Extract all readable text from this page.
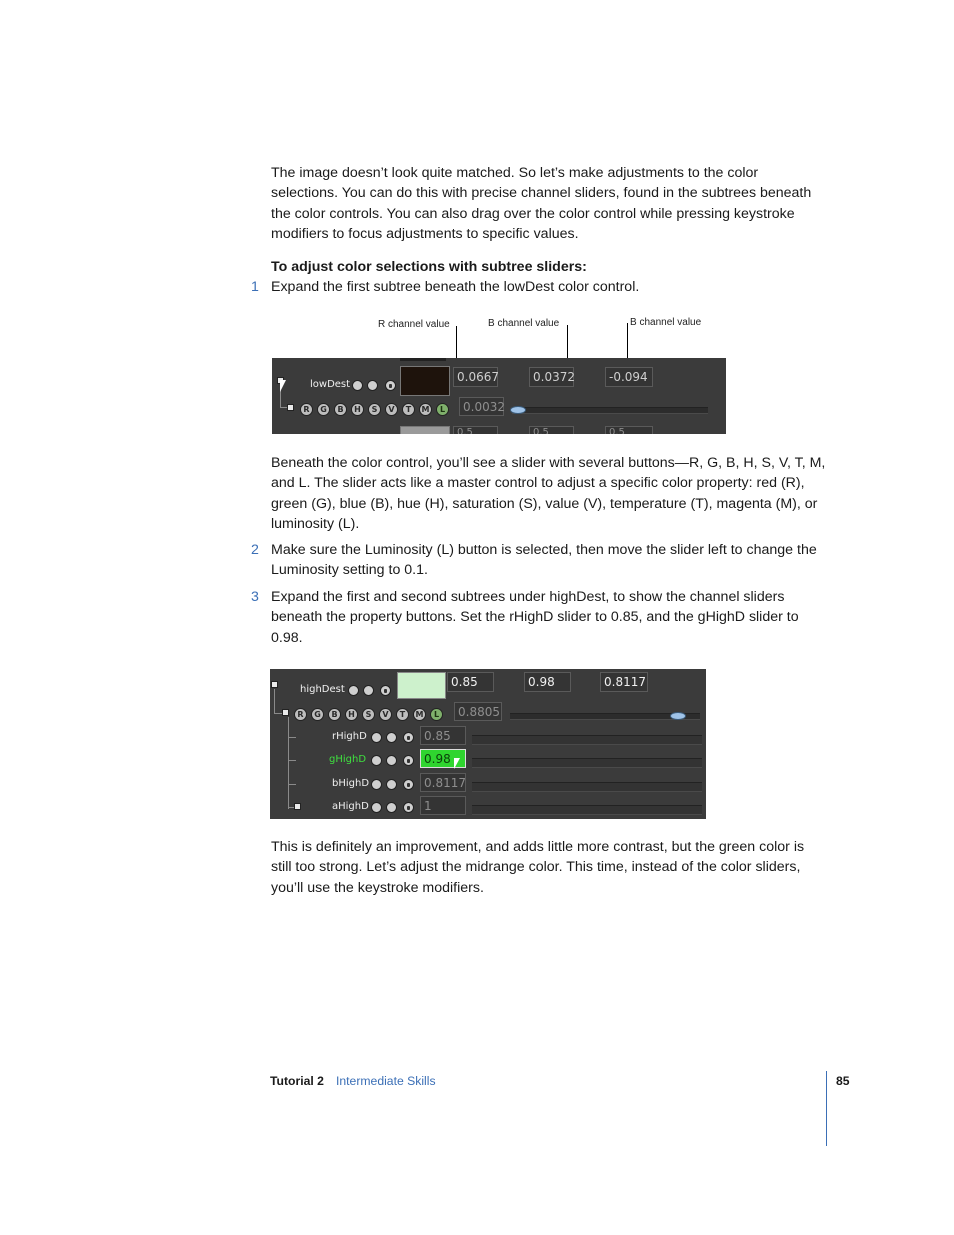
The image doesn’t look quite matched. So let’s make adjustments to the color selections. You can do this with precise channel sliders, found in the subtrees beneath the color controls. You can also drag over the color control while pressing keystroke modifiers to focus adjustments to specific values.

To adjust color selections with subtree sliders:
1 Expand the first subtree beneath the lowDest color control.
R channel value	B channel value	B channel value
lowDest
0.0667	0.0372	-0.094
R	G	B	H	S	V	T	M	L	0.0032
0.5	0.5	0.5

Beneath the color control, you’ll see a slider with several buttons—R, G, B, H, S, V, T, M, and L. The slider acts like a master control to adjust a specific color property: red (R), green (G), blue (B), hue (H), saturation (S), value (V), temperature (T), magenta (M), or luminosity (L).

2 Make sure the Luminosity (L) button is selected, then move the slider left to change the Luminosity setting to 0.1.
3 Expand the first and second subtrees under highDest, to show the channel sliders beneath the property buttons. Set the rHighD slider to 0.85, and the gHighD slider to 0.98.
highDest
0.85	0.98	0.8117
R	G	B	H	S	V	T	M	L	0.8805
rHighD	0.85
gHighD	0.98
bHighD	0.8117
aHighD	1

This is definitely an improvement, and adds little more contrast, but the green color is still too strong. Let’s adjust the midrange color. This time, instead of the color sliders, you’ll use the keystroke modifiers.

Tutorial 2 Intermediate Skills	85
